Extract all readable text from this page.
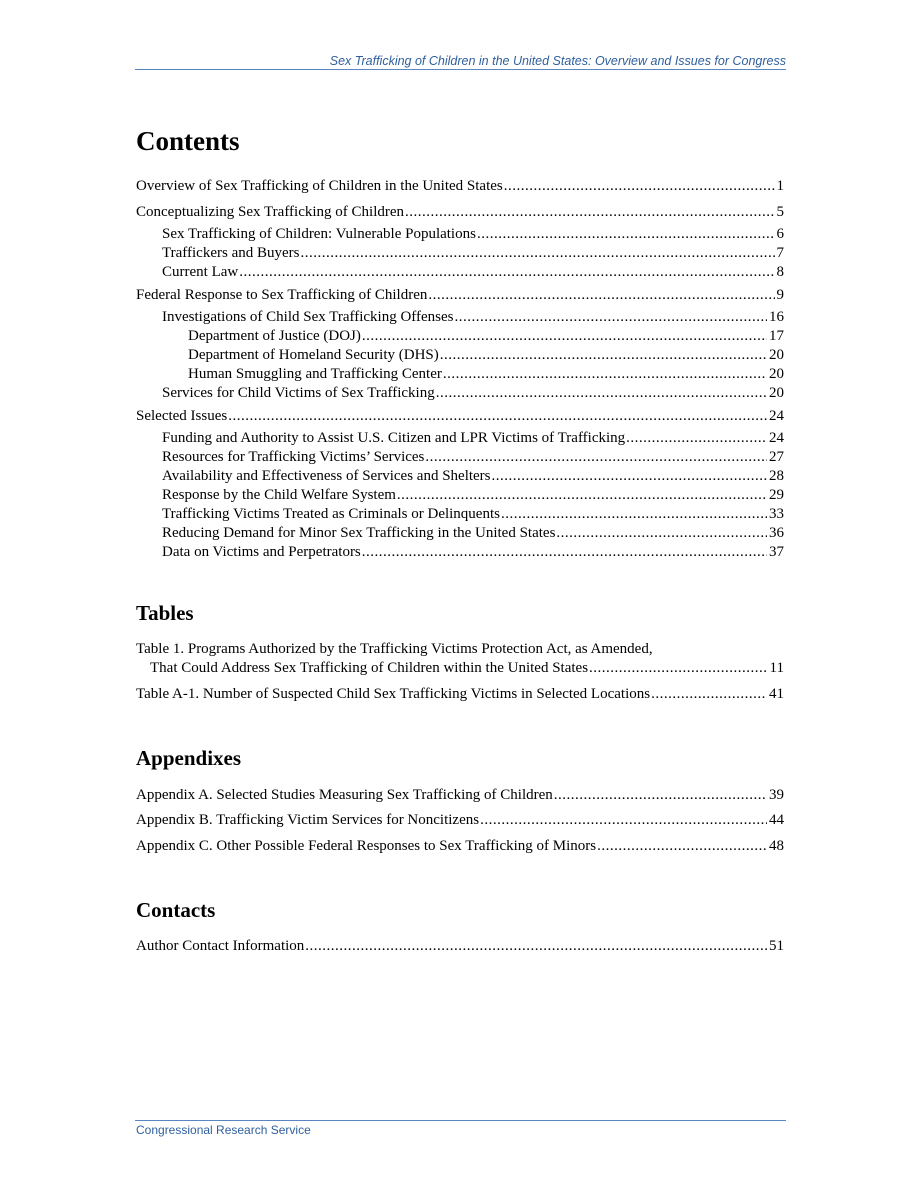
Sex Trafficking of Children in the United States: Overview and Issues for Congress
Contents
Overview of Sex Trafficking of Children in the United States .....	1
Conceptualizing Sex Trafficking of Children .....	5
Sex Trafficking of Children: Vulnerable Populations .....	6
Traffickers and Buyers .....	7
Current Law .....	8
Federal Response to Sex Trafficking of Children .....	9
Investigations of Child Sex Trafficking Offenses .....	16
Department of Justice (DOJ) .....	17
Department of Homeland Security (DHS) .....	20
Human Smuggling and Trafficking Center .....	20
Services for Child Victims of Sex Trafficking .....	20
Selected Issues .....	24
Funding and Authority to Assist U.S. Citizen and LPR Victims of Trafficking .....	24
Resources for Trafficking Victims’ Services .....	27
Availability and Effectiveness of Services and Shelters .....	28
Response by the Child Welfare System .....	29
Trafficking Victims Treated as Criminals or Delinquents .....	33
Reducing Demand for Minor Sex Trafficking in the United States .....	36
Data on Victims and Perpetrators .....	37
Tables
Table 1. Programs Authorized by the Trafficking Victims Protection Act, as Amended,
That Could Address Sex Trafficking of Children within the United States .....	11
Table A-1. Number of Suspected Child Sex Trafficking Victims in Selected Locations .....	41
Appendixes
Appendix A. Selected Studies Measuring Sex Trafficking of Children .....	39
Appendix B. Trafficking Victim Services for Noncitizens .....	44
Appendix C. Other Possible Federal Responses to Sex Trafficking of Minors .....	48
Contacts
Author Contact Information .....	51
Congressional Research Service
